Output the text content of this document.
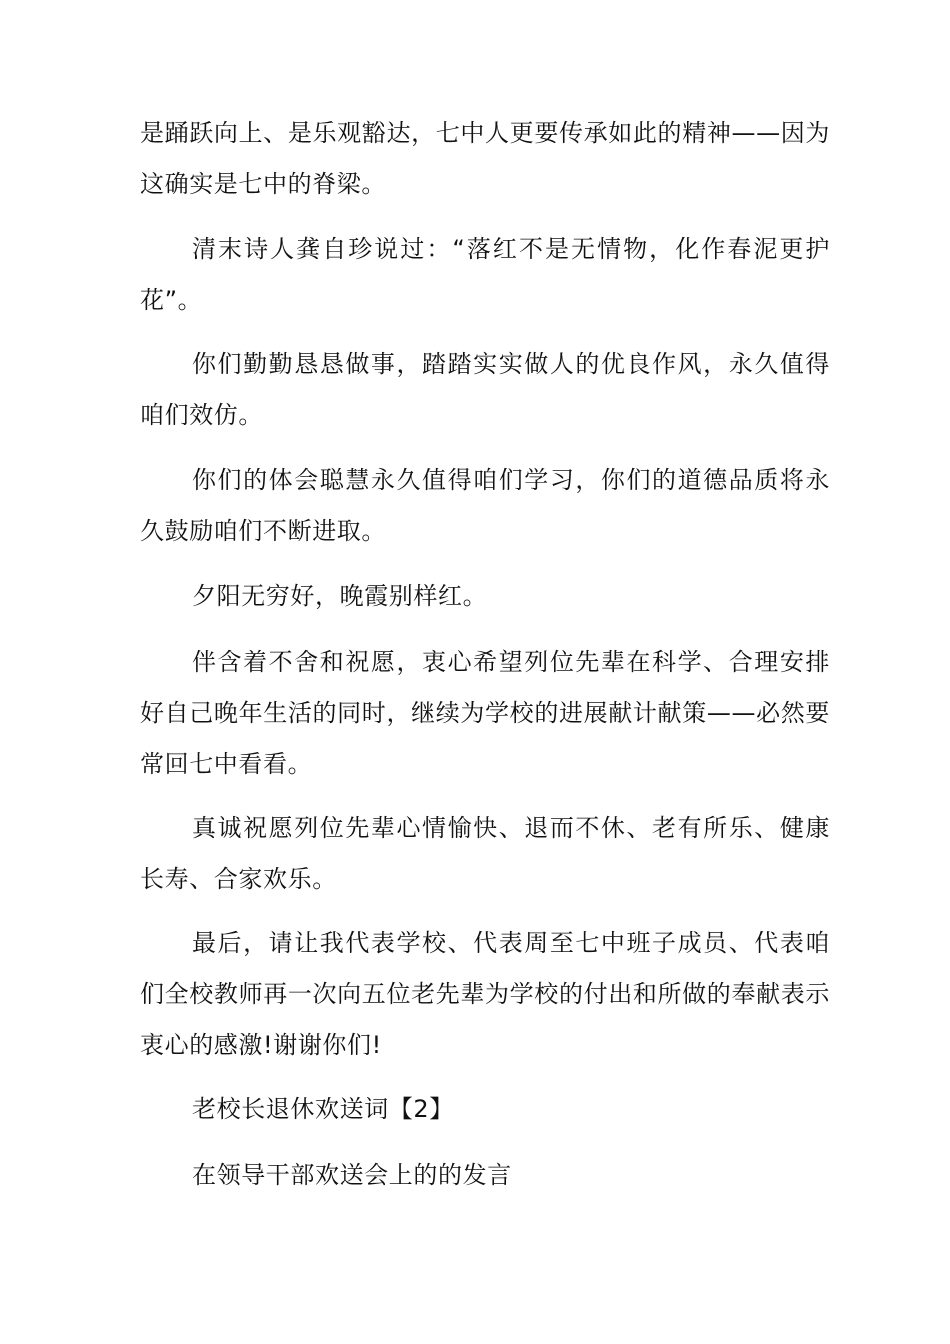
是踊跃向上、是乐观豁达，七中人更要传承如此的精神——因为这确实是七中的脊梁。

清末诗人龚自珍说过：“落红不是无情物，化作春泥更护花”。

你们勤勤恳恳做事，踏踏实实做人的优良作风，永久值得咱们效仿。

你们的体会聪慧永久值得咱们学习，你们的道德品质将永久鼓励咱们不断进取。

夕阳无穷好，晚霞别样红。

伴含着不舍和祝愿，衷心希望列位先辈在科学、合理安排好自己晚年生活的同时，继续为学校的进展献计献策——必然要常回七中看看。

真诚祝愿列位先辈心情愉快、退而不休、老有所乐、健康长寿、合家欢乐。

最后，请让我代表学校、代表周至七中班子成员、代表咱们全校教师再一次向五位老先辈为学校的付出和所做的奉献表示衷心的感激!谢谢你们!

老校长退休欢送词【2】

在领导干部欢送会上的的发言
